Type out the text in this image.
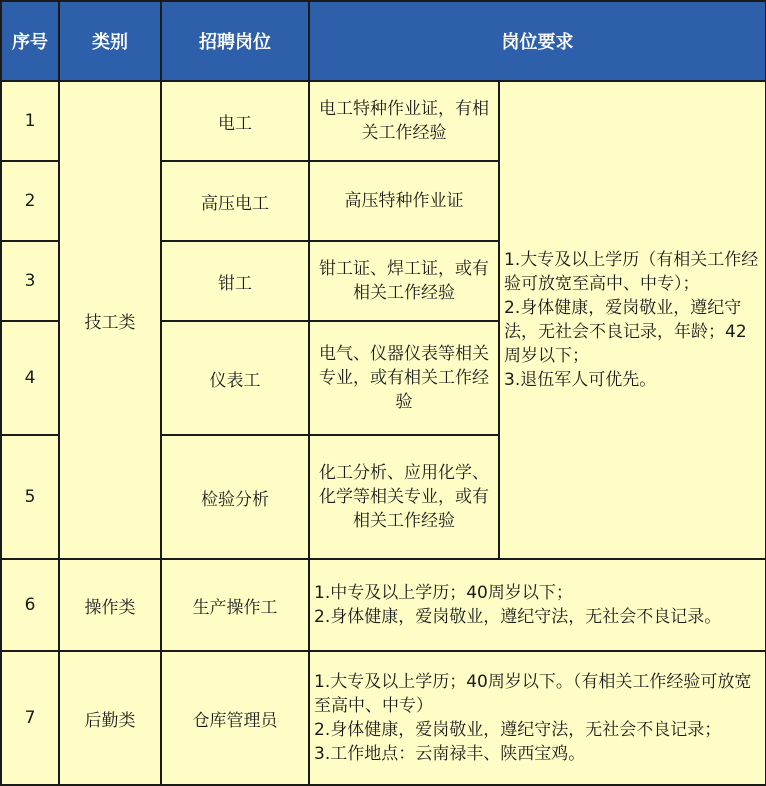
序号	类别	招聘岗位	岗位要求	
1	技工类	电工	电工特种作业证，有相关工作经验	1.大专及以上学历（有相关工作经验可放宽至高中、中专）；
2.身体健康，爱岗敬业，遵纪守法，无社会不良记录，年龄；42周岁以下；
3.退伍军人可优先。

2		高压电工	高压特种作业证	

3		钳工	钳工证、焊工证，或有相关工作经验	

4		仪表工	电气、仪器仪表等相关专业，或有相关工作经验	

5		检验分析	化工分析、应用化学、化学等相关专业，或有相关工作经验	

6	操作类	生产操作工	1.中专及以上学历；40周岁以下；
2.身体健康，爱岗敬业，遵纪守法，无社会不良记录。	

7	后勤类	仓库管理员	1.大专及以上学历；40周岁以下。（有相关工作经验可放宽至高中、中专）
2.身体健康，爱岗敬业，遵纪守法，无社会不良记录；
3.工作地点：云南禄丰、陕西宝鸡。	
